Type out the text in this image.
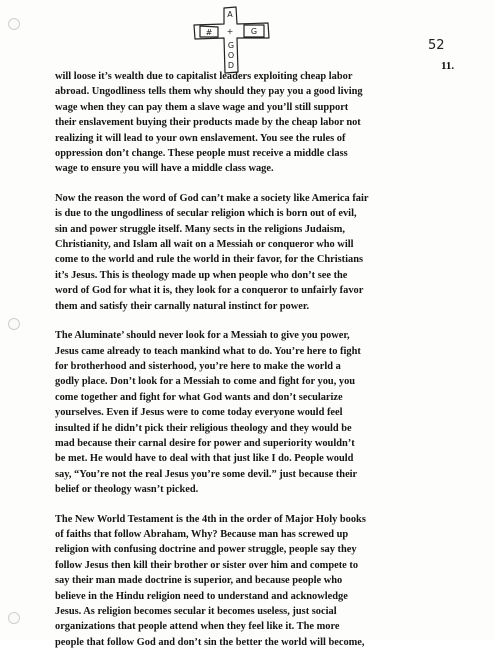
A
+ G
#
G
O
D
52
11.
will loose it’s wealth due to capitalist leaders exploiting cheap labor
abroad. Ungodliness tells them why should they pay you a good living
wage when they can pay them a slave wage and you’ll still support
their enslavement buying their products made by the cheap labor not
realizing it will lead to your own enslavement. You see the rules of
oppression don’t change. These people must receive a middle class
wage to ensure you will have a middle class wage.
Now the reason the word of God can’t make a society like America fair
is due to the ungodliness of secular religion which is born out of evil,
sin and power struggle itself. Many sects in the religions Judaism,
Christianity, and Islam all wait on a Messiah or conqueror who will
come to the world and rule the world in their favor, for the Christians
it’s Jesus. This is theology made up when people who don’t see the
word of God for what it is, they look for a conqueror to unfairly favor
them and satisfy their carnally natural instinct for power.
The Aluminate’ should never look for a Messiah to give you power,
Jesus came already to teach mankind what to do. You’re here to fight
for brotherhood and sisterhood, you’re here to make the world a
godly place. Don’t look for a Messiah to come and fight for you, you
come together and fight for what God wants and don’t secularize
yourselves. Even if Jesus were to come today everyone would feel
insulted if he didn’t pick their religious theology and they would be
mad because their carnal desire for power and superiority wouldn’t
be met. He would have to deal with that just like I do. People would
say, “You’re not the real Jesus you’re some devil.” just because their
belief or theology wasn’t picked.
The New World Testament is the 4th in the order of Major Holy books
of faiths that follow Abraham, Why? Because man has screwed up
religion with confusing doctrine and power struggle, people say they
follow Jesus then kill their brother or sister over him and compete to
say their man made doctrine is superior, and because people who
believe in the Hindu religion need to understand and acknowledge
Jesus. As religion becomes secular it becomes useless, just social
organizations that people attend when they feel like it. The more
people that follow God and don’t sin the better the world will become,
